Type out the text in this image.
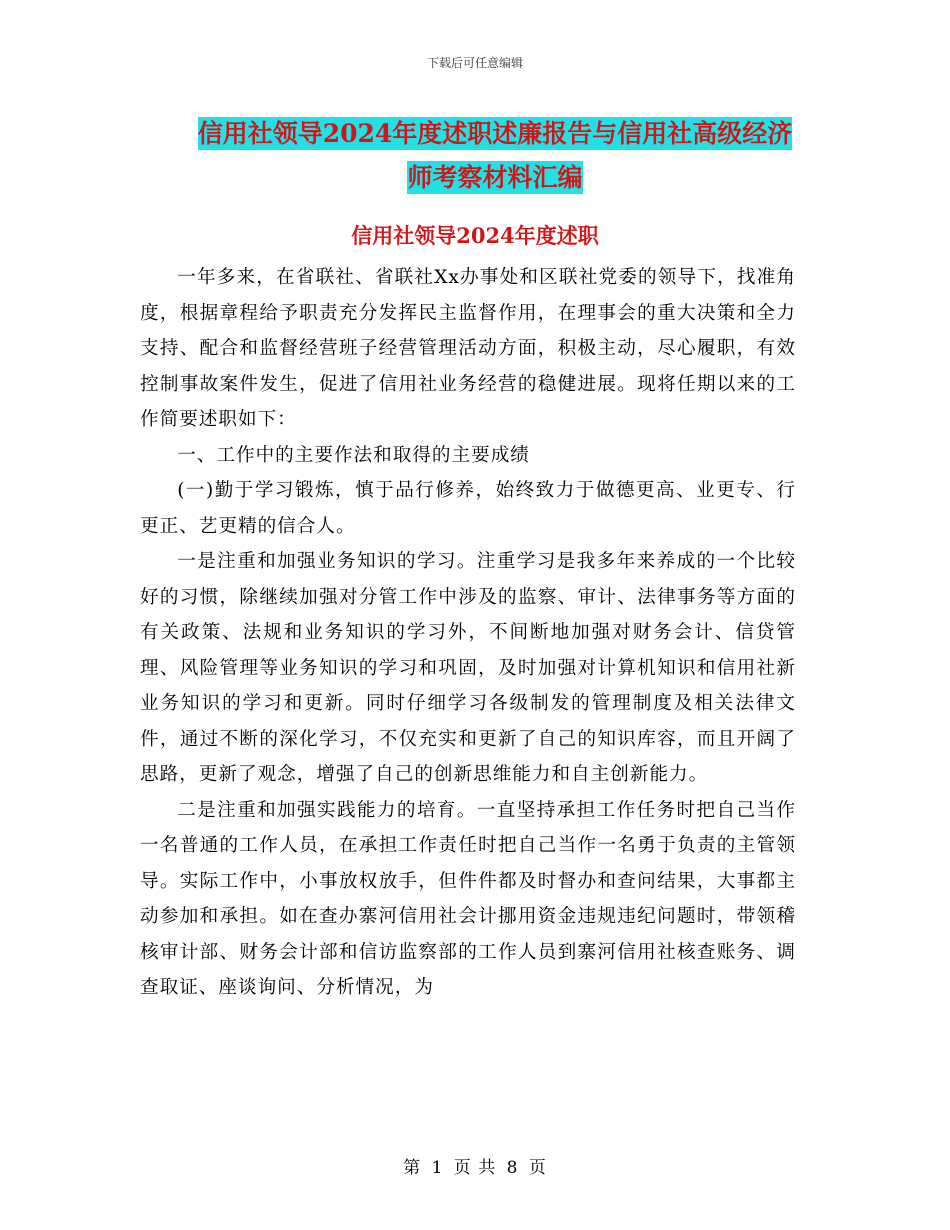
下载后可任意编辑
信用社领导2024年度述职述廉报告与信用社高级经济
师考察材料汇编
信用社领导2024年度述职

一年多来，在省联社、省联社Xx办事处和区联社党委的领导下，找准角度，根据章程给予职责充分发挥民主监督作用，在理事会的重大决策和全力支持、配合和监督经营班子经营管理活动方面，积极主动，尽心履职，有效控制事故案件发生，促进了信用社业务经营的稳健进展。现将任期以来的工作简要述职如下：

一、工作中的主要作法和取得的主要成绩

(一)勤于学习锻炼，慎于品行修养，始终致力于做德更高、业更专、行更正、艺更精的信合人。

一是注重和加强业务知识的学习。注重学习是我多年来养成的一个比较好的习惯，除继续加强对分管工作中涉及的监察、审计、法律事务等方面的有关政策、法规和业务知识的学习外，不间断地加强对财务会计、信贷管理、风险管理等业务知识的学习和巩固，及时加强对计算机知识和信用社新业务知识的学习和更新。同时仔细学习各级制发的管理制度及相关法律文件，通过不断的深化学习，不仅充实和更新了自己的知识库容，而且开阔了思路，更新了观念，增强了自己的创新思维能力和自主创新能力。

二是注重和加强实践能力的培育。一直坚持承担工作任务时把自己当作一名普通的工作人员，在承担工作责任时把自己当作一名勇于负责的主管领导。实际工作中，小事放权放手，但件件都及时督办和查问结果，大事都主动参加和承担。如在查办寨河信用社会计挪用资金违规违纪问题时，带领稽核审计部、财务会计部和信访监察部的工作人员到寨河信用社核查账务、调查取证、座谈询问、分析情况，为

第 1 页 共 8 页
